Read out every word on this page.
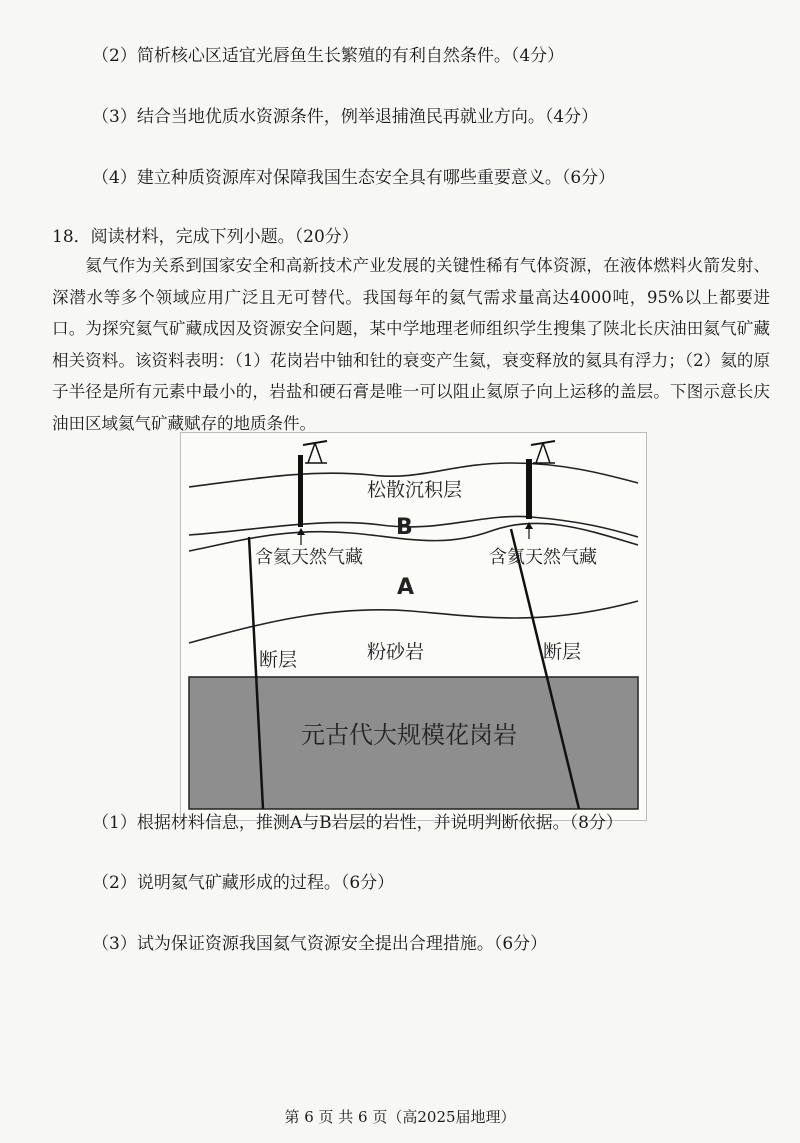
（2）简析核心区适宜光唇鱼生长繁殖的有利自然条件。（4分）
（3）结合当地优质水资源条件，例举退捕渔民再就业方向。（4分）
（4）建立种质资源库对保障我国生态安全具有哪些重要意义。（6分）
18．阅读材料，完成下列小题。（20分）
氦气作为关系到国家安全和高新技术产业发展的关键性稀有气体资源，在液体燃料火箭发射、深潜水等多个领域应用广泛且无可替代。我国每年的氦气需求量高达4000吨，95%以上都要进口。为探究氦气矿藏成因及资源安全问题，某中学地理老师组织学生搜集了陕北长庆油田氦气矿藏相关资料。该资料表明：（1）花岗岩中铀和钍的衰变产生氦，衰变释放的氦具有浮力；（2）氦的原子半径是所有元素中最小的，岩盐和硬石膏是唯一可以阻止氦原子向上运移的盖层。下图示意长庆油田区域氦气矿藏赋存的地质条件。
松散沉积层
B
含氦天然气藏	含氦天然气藏
A
粉砂岩
断层	断层
元古代大规模花岗岩
（1）根据材料信息，推测A与B岩层的岩性，并说明判断依据。（8分）
（2）说明氦气矿藏形成的过程。（6分）
（3）试为保证资源我国氦气资源安全提出合理措施。（6分）
第 6 页 共 6 页（高2025届地理）
